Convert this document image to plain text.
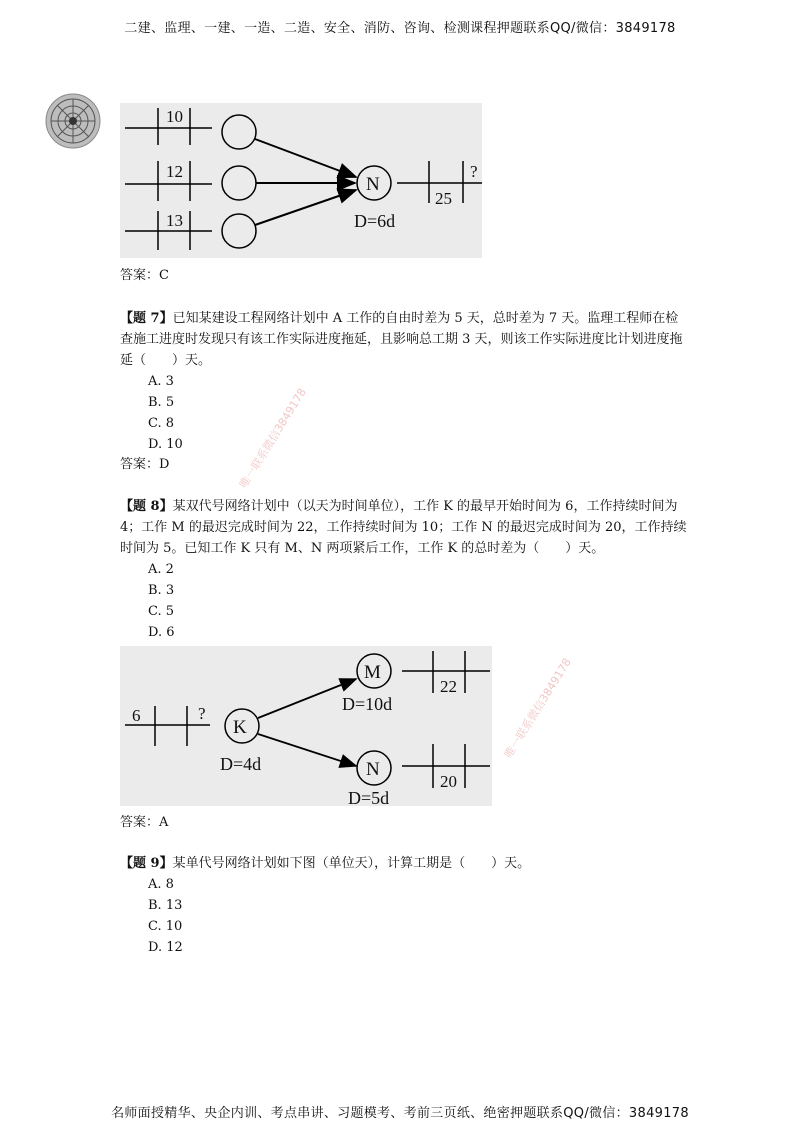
二建、监理、一建、一造、二造、安全、消防、咨询、检测课程押题联系QQ/微信：3849178
10
12
13
N
D=6d
25
?
答案：C

【题 7】已知某建设工程网络计划中 A 工作的自由时差为 5 天，总时差为 7 天。监理工程师在检查施工进度时发现只有该工作实际进度拖延，且影响总工期 3 天，则该工作实际进度比计划进度拖延（　　）天。

A. 3

B. 5

C. 8

D. 10

答案：D

【题 8】某双代号网络计划中（以天为时间单位），工作 K 的最早开始时间为 6，工作持续时间为 4；工作 M 的最迟完成时间为 22，工作持续时间为 10；工作 N 的最迟完成时间为 20，工作持续时间为 5。已知工作 K 只有 M、N 两项紧后工作，工作 K 的总时差为（　　）天。

A. 2

B. 3

C. 5

D. 6

6	?
K
D=4d
M
D=10d
22
N
D=5d
20
答案：A

【题 9】某单代号网络计划如下图（单位天），计算工期是（　　）天。

A. 8

B. 13

C. 10

D. 12

唯一联系微信3849178
唯一联系微信3849178
名师面授精华、央企内训、考点串讲、习题模考、考前三页纸、绝密押题联系QQ/微信：3849178
